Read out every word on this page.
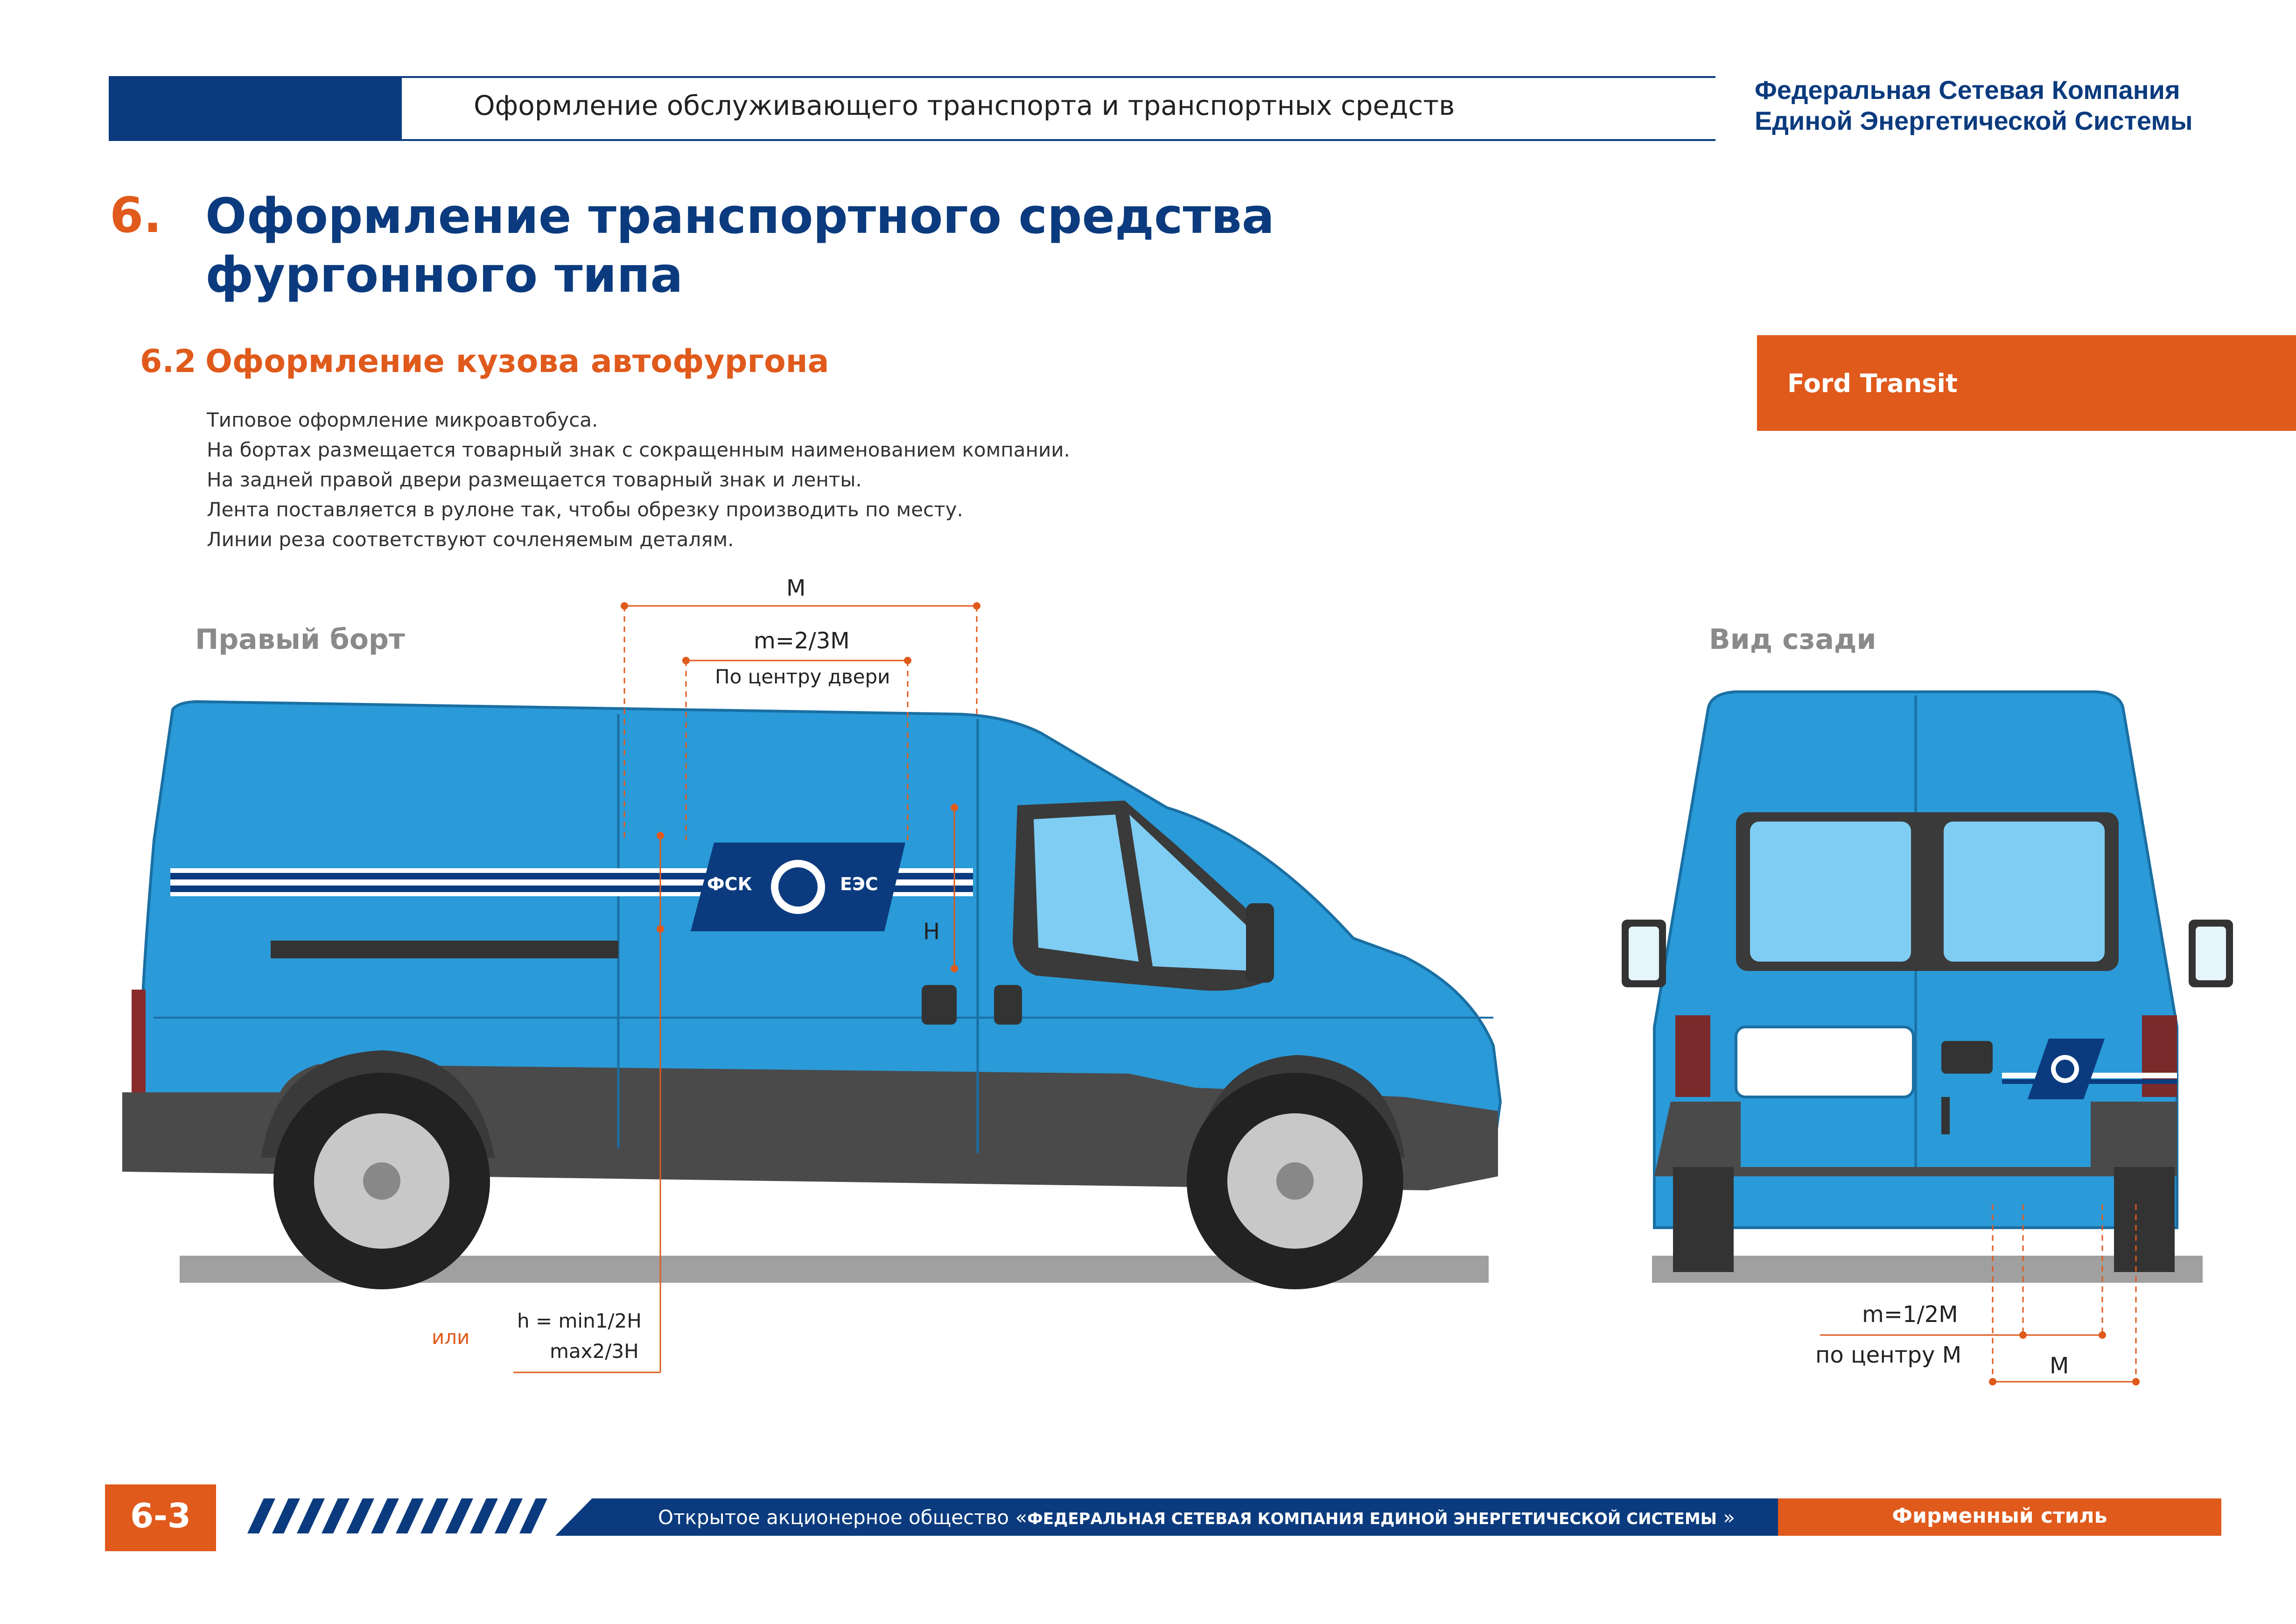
Оформление обслуживающего транспорта и транспортных средств	Федеральная Сетевая Компания
Единой Энергетической Системы
6. Оформление транспортного средства
фургонного типа
6.2 Оформление кузова автофургона
Ford Transit
Типовое оформление микроавтобуса.
На бортах размещается товарный знак с сокращенным наименованием компании.
На задней правой двери размещается товарный знак и ленты.
Лента поставляется в рулоне так, чтобы обрезку производить по месту.
Линии реза соответствуют сочленяемым деталям.
Правый борт	Вид сзади
ФСК	ЕЭС
M
m=2/3M
По центру двери
H
или
h = min1/2H
max2/3H
m=1/2M
по центру M	M
6-3	Открытое акционерное общество «ФЕДЕРАЛЬНАЯ СЕТЕВАЯ КОМПАНИЯ ЕДИНОЙ ЭНЕРГЕТИЧЕСКОЙ СИСТЕМЫ »	Фирменный стиль
